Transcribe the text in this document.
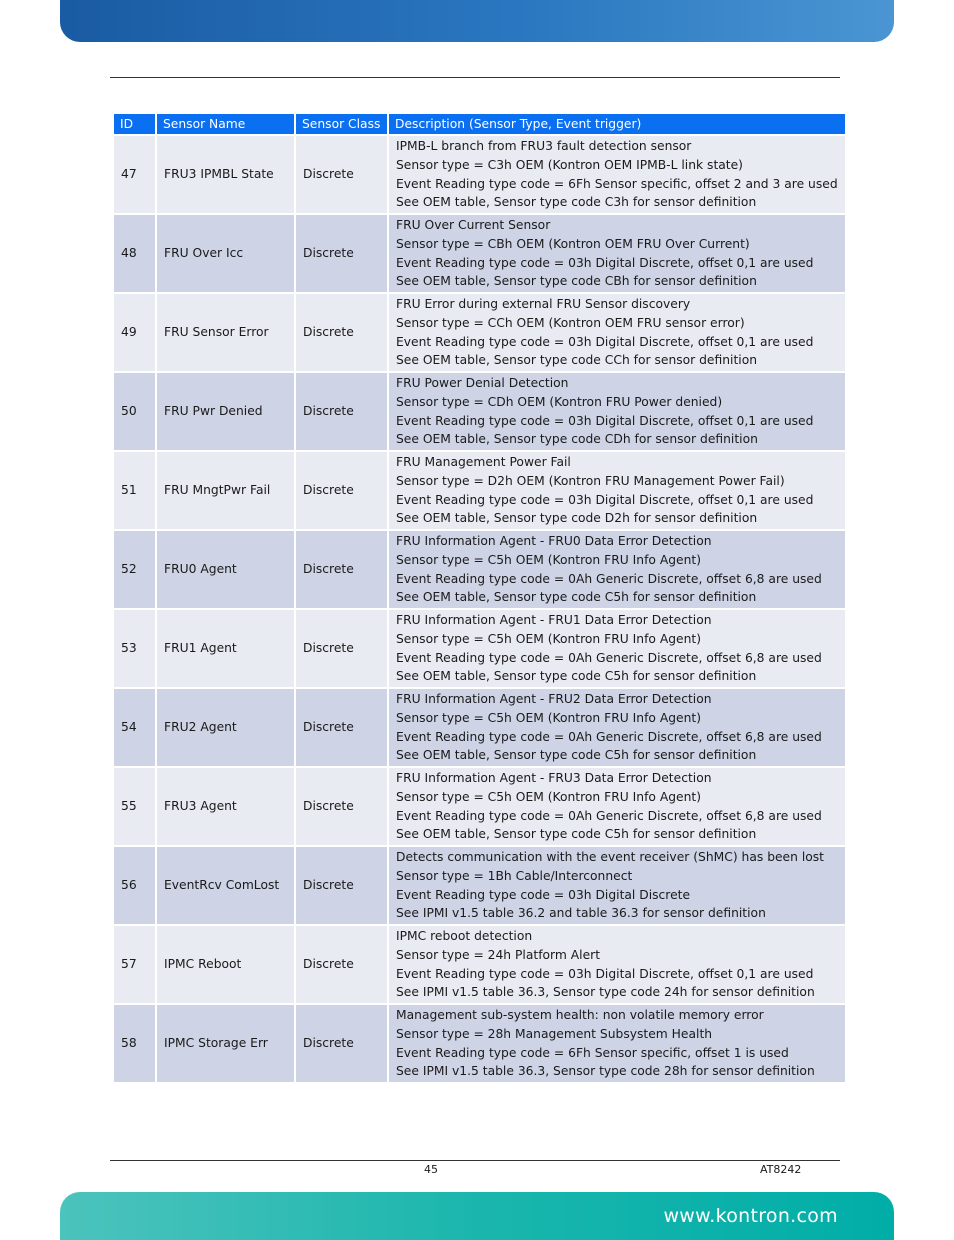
ID	Sensor Name	Sensor Class	Description (Sensor Type, Event trigger)
47	FRU3 IPMBL State	Discrete	IPMB-L branch from FRU3 fault detection sensor
Sensor type = C3h OEM (Kontron OEM IPMB-L link state)
Event Reading type code = 6Fh Sensor specific, offset 2 and 3 are used
See OEM table, Sensor type code C3h for sensor definition

48	FRU Over Icc	Discrete	FRU Over Current Sensor
Sensor type = CBh OEM (Kontron OEM FRU Over Current)
Event Reading type code = 03h Digital Discrete, offset 0,1 are used
See OEM table, Sensor type code CBh for sensor definition

49	FRU Sensor Error	Discrete	FRU Error during external FRU Sensor discovery
Sensor type = CCh OEM (Kontron OEM FRU sensor error)
Event Reading type code = 03h Digital Discrete, offset 0,1 are used
See OEM table, Sensor type code CCh for sensor definition

50	FRU Pwr Denied	Discrete	FRU Power Denial Detection
Sensor type = CDh OEM (Kontron FRU Power denied)
Event Reading type code = 03h Digital Discrete, offset 0,1 are used
See OEM table, Sensor type code CDh for sensor definition

51	FRU MngtPwr Fail	Discrete	FRU Management Power Fail
Sensor type = D2h OEM (Kontron FRU Management Power Fail)
Event Reading type code = 03h Digital Discrete, offset 0,1 are used
See OEM table, Sensor type code D2h for sensor definition

52	FRU0 Agent	Discrete	FRU Information Agent - FRU0 Data Error Detection
Sensor type = C5h OEM (Kontron FRU Info Agent)
Event Reading type code = 0Ah Generic Discrete, offset 6,8 are used
See OEM table, Sensor type code C5h for sensor definition

53	FRU1 Agent	Discrete	FRU Information Agent - FRU1 Data Error Detection
Sensor type = C5h OEM (Kontron FRU Info Agent)
Event Reading type code = 0Ah Generic Discrete, offset 6,8 are used
See OEM table, Sensor type code C5h for sensor definition

54	FRU2 Agent	Discrete	FRU Information Agent - FRU2 Data Error Detection
Sensor type = C5h OEM (Kontron FRU Info Agent)
Event Reading type code = 0Ah Generic Discrete, offset 6,8 are used
See OEM table, Sensor type code C5h for sensor definition

55	FRU3 Agent	Discrete	FRU Information Agent - FRU3 Data Error Detection
Sensor type = C5h OEM (Kontron FRU Info Agent)
Event Reading type code = 0Ah Generic Discrete, offset 6,8 are used
See OEM table, Sensor type code C5h for sensor definition

56	EventRcv ComLost	Discrete	Detects communication with the event receiver (ShMC) has been lost
Sensor type = 1Bh Cable/Interconnect
Event Reading type code = 03h Digital Discrete
See IPMI v1.5 table 36.2 and table 36.3 for sensor definition

57	IPMC Reboot	Discrete	IPMC reboot detection
Sensor type = 24h Platform Alert
Event Reading type code = 03h Digital Discrete, offset 0,1 are used
See IPMI v1.5 table 36.3, Sensor type code 24h for sensor definition

58	IPMC Storage Err	Discrete	Management sub-system health: non volatile memory error
Sensor type = 28h Management Subsystem Health
Event Reading type code = 6Fh Sensor specific, offset 1 is used
See IPMI v1.5 table 36.3, Sensor type code 28h for sensor definition
45	AT8242
www.kontron.com
